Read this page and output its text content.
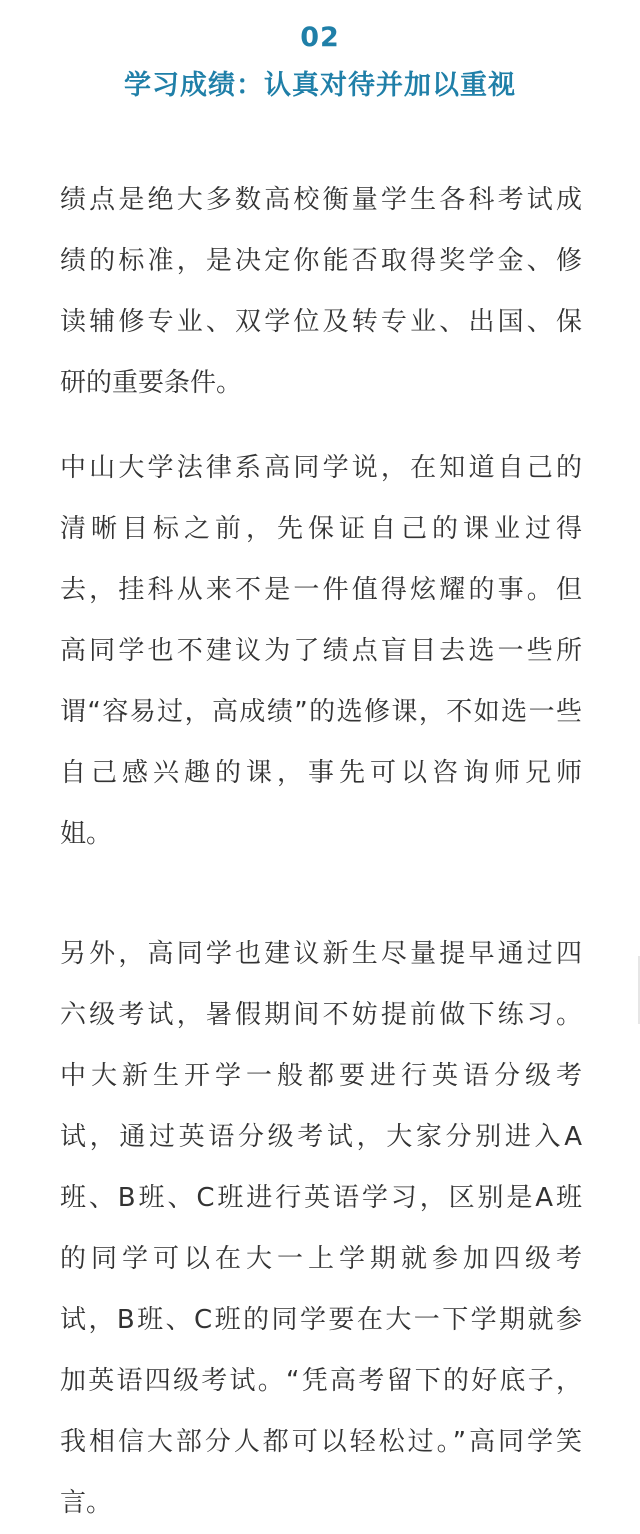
02
学习成绩：认真对待并加以重视
绩点是绝大多数高校衡量学生各科考试成
绩的标准，是决定你能否取得奖学金、修
读辅修专业、双学位及转专业、出国、保
研的重要条件。
中山大学法律系高同学说，在知道自己的
清晰目标之前，先保证自己的课业过得
去，挂科从来不是一件值得炫耀的事。但
高同学也不建议为了绩点盲目去选一些所
谓“容易过，高成绩”的选修课，不如选一些
自己感兴趣的课，事先可以咨询师兄师
姐。
另外，高同学也建议新生尽量提早通过四
六级考试，暑假期间不妨提前做下练习。
中大新生开学一般都要进行英语分级考
试，通过英语分级考试，大家分别进入A
班、B班、C班进行英语学习，区别是A班
的同学可以在大一上学期就参加四级考
试，B班、C班的同学要在大一下学期就参
加英语四级考试。“凭高考留下的好底子，
我相信大部分人都可以轻松过。”高同学笑
言。
